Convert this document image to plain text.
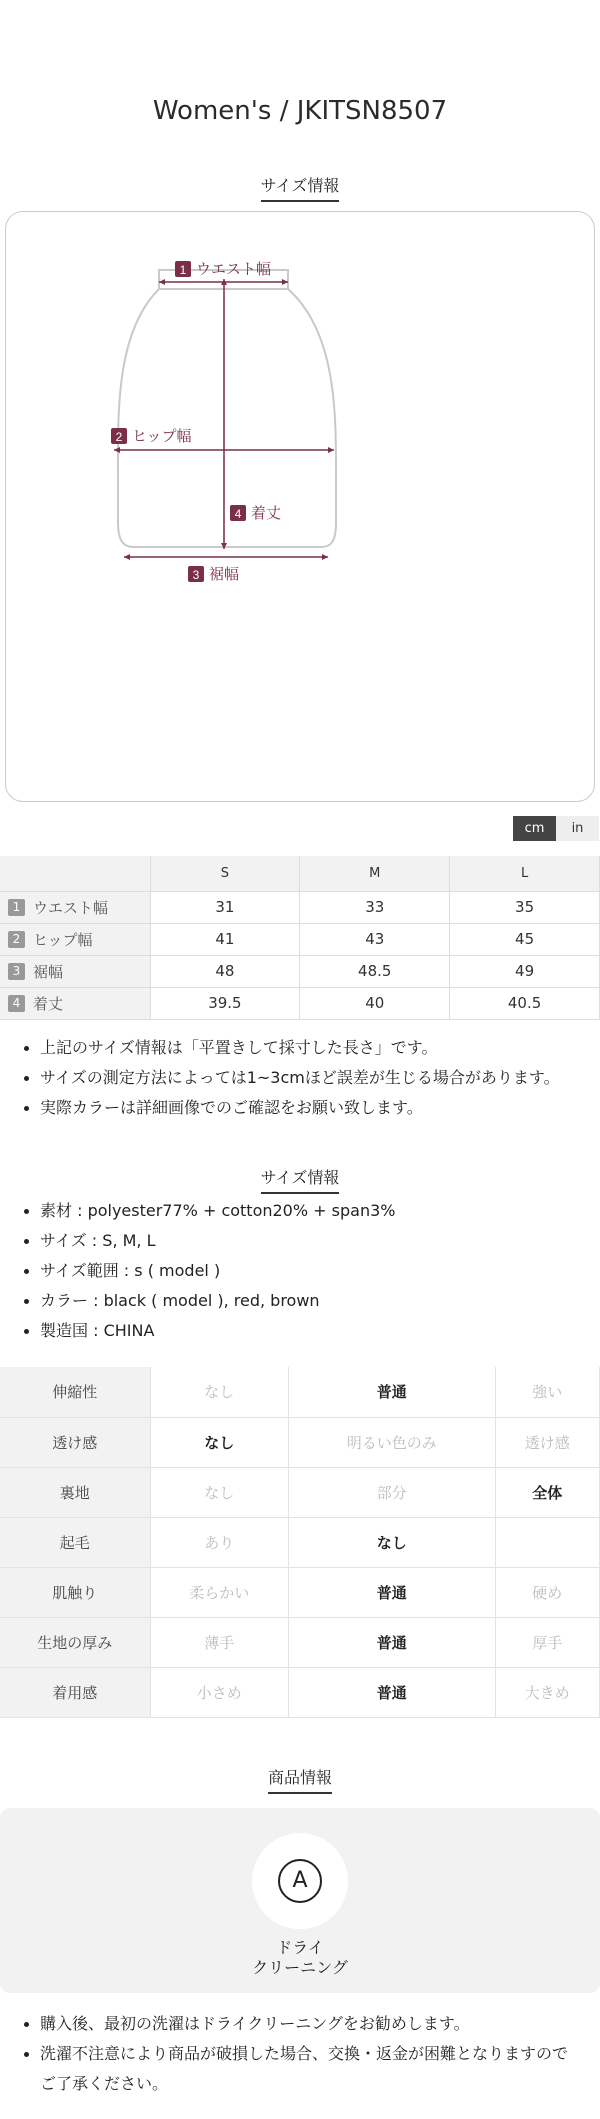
Women's / JKITSN8507
サイズ情報
1 ウエスト幅
2 ヒップ幅
3 裾幅
4 着丈
cm	in
	S	M	L
1 ウエスト幅	31	33	35
2 ヒップ幅	41	43	45
3 裾幅	48	48.5	49
4 着丈	39.5	40	40.5
上記のサイズ情報は「平置きして採寸した長さ」です。
サイズの測定方法によっては1~3cmほど誤差が生じる場合があります。
実際カラーは詳細画像でのご確認をお願い致します。
サイズ情報
素材 : polyester77% + cotton20% + span3%
サイズ : S, M, L
サイズ範囲 : s ( model )
カラー : black ( model ), red, brown
製造国 : CHINA
伸縮性	なし	普通	強い
透け感	なし	明るい色のみ	透け感
裏地	なし	部分	全体
起毛	あり	なし	
肌触り	柔らかい	普通	硬め
生地の厚み	薄手	普通	厚手
着用感	小さめ	普通	大きめ
商品情報
A
ドライ
クリーニング
購入後、最初の洗濯はドライクリーニングをお勧めします。
洗濯不注意により商品が破損した場合、交換・返金が困難となりますので
ご了承ください。
